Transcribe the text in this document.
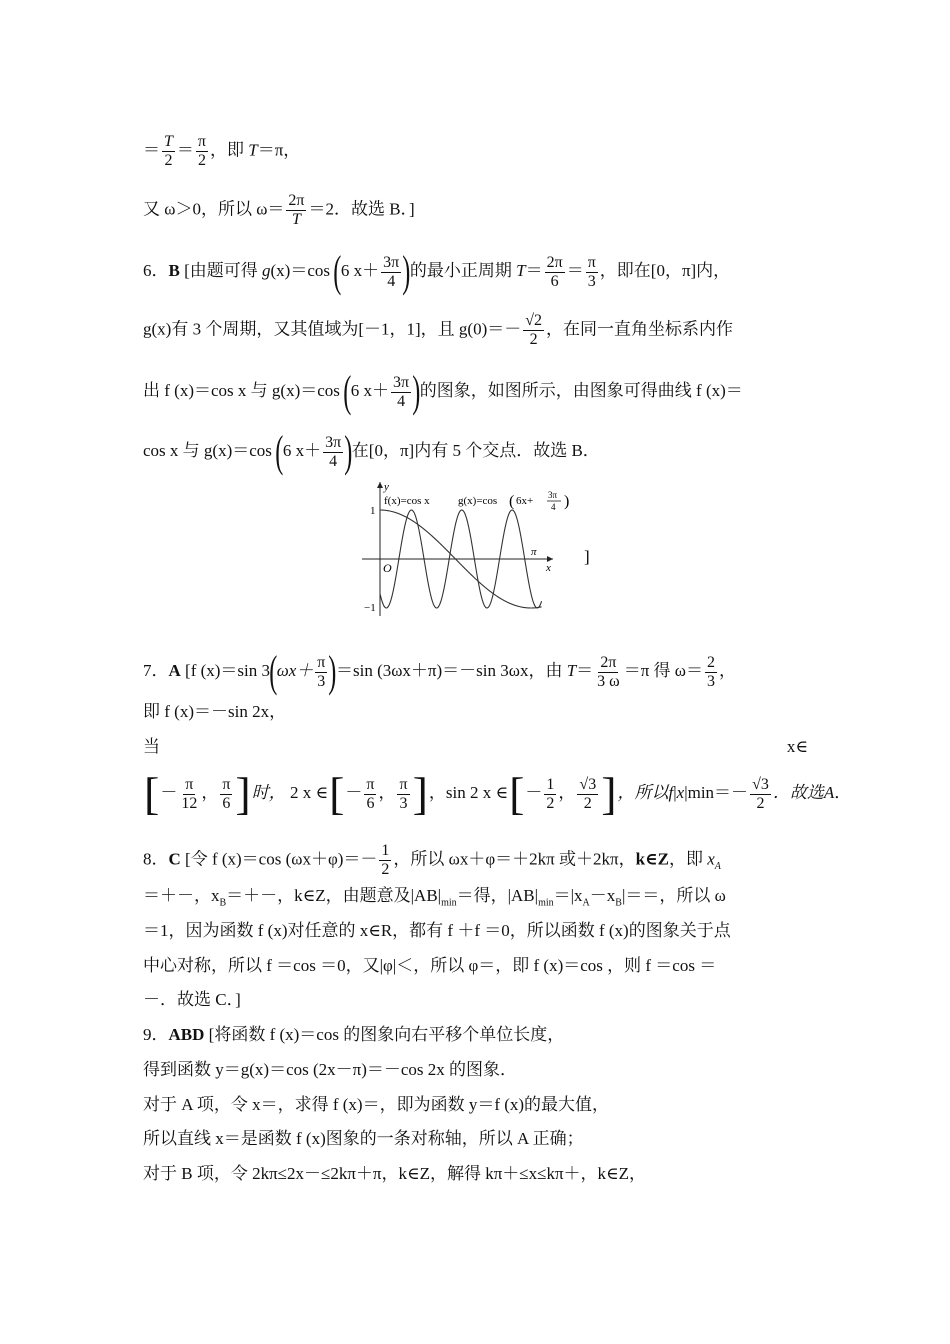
＝ $\frac{T}{2} = \frac{\pi}{2}$ ，即 T＝π，
又 ω＞0，所以 $\omega= \frac{2\pi}{T} =2$．故选 B．]
6．B [由题可得 g(x)＝cos (6 $x+ \frac{3\pi}{4}$ )的最小正周期 $T= \frac{2\pi}{6} = \frac{\pi}{3}$ ，即在[0，π]内，
g(x)有 3 个周期，又其值域为[－1，1]，且 $g(0)=- \frac{√2}{2}$ ，在同一直角坐标系内作
出 f (x)＝cos x 与 g(x)＝cos (6 $x+ \frac{3\pi}{4}$ )的图象，如图所示，由图象可得曲线 f (x)＝
cos x 与 g(x)＝cos (6 $x+ \frac{3\pi}{4}$ )在[0，π]内有 5 个交点．故选 B．
y
x
O
π
1
−1
f(x)=cos x	g(x)=cos ( 6x+ 3π
4 )
]
7．A [f (x)＝sin $3(\omega x+ \frac{\pi}{3} )=\sin$ (3ωx＋π)＝－sin 3ωx，由 $T= \frac{2\pi}{3 \omega} =\pi$ 得 $\omega= \frac{2}{3}$ ，
即 f (x)＝－sin 2x，
当	x∈
[－ $\frac{\pi}{12}$ ， $\frac{\pi}{6}$ ]时， 2 x ∈[－ $\frac{\pi}{6}$ ， $\frac{\pi}{3}$ ]，sin 2 x ∈[－ $\frac{1}{2}$ ， $\frac{√3}{2}$ ]，所以$f|x|\min=- \frac{√3}{2}$ ．故选A．
8．C [令 f (x)＝cos $(\omega x+\varphi)=- \frac{1}{2}$ ，所以 ωx＋φ＝＋2kπ 或＋2kπ，k∈Z，即 $x_A$
＝＋－，$x_B=+-$，k∈Z，由题意及$|AB|_{min}=$得，$|AB|_{min}=|x_A-x_B|==$，所以 ω
＝1，因为函数 f (x)对任意的 x∈R，都有 f ＋f ＝0，所以函数 f (x)的图象关于点
中心对称，所以 f ＝cos ＝0，又|φ|＜，所以 φ＝，即 f (x)＝cos ，则 f ＝cos ＝
－．故选 C．]
9．ABD [将函数 f (x)＝cos 的图象向右平移个单位长度，
得到函数 y＝g(x)＝cos (2x－π)＝－cos 2x 的图象．
对于 A 项，令 x＝，求得 f (x)＝，即为函数 y＝f (x)的最大值，
所以直线 x＝是函数 f (x)图象的一条对称轴，所以 A 正确；
对于 B 项，令 2kπ≤2x－≤2kπ＋π，k∈Z，解得 kπ＋≤x≤kπ＋，k∈Z，
